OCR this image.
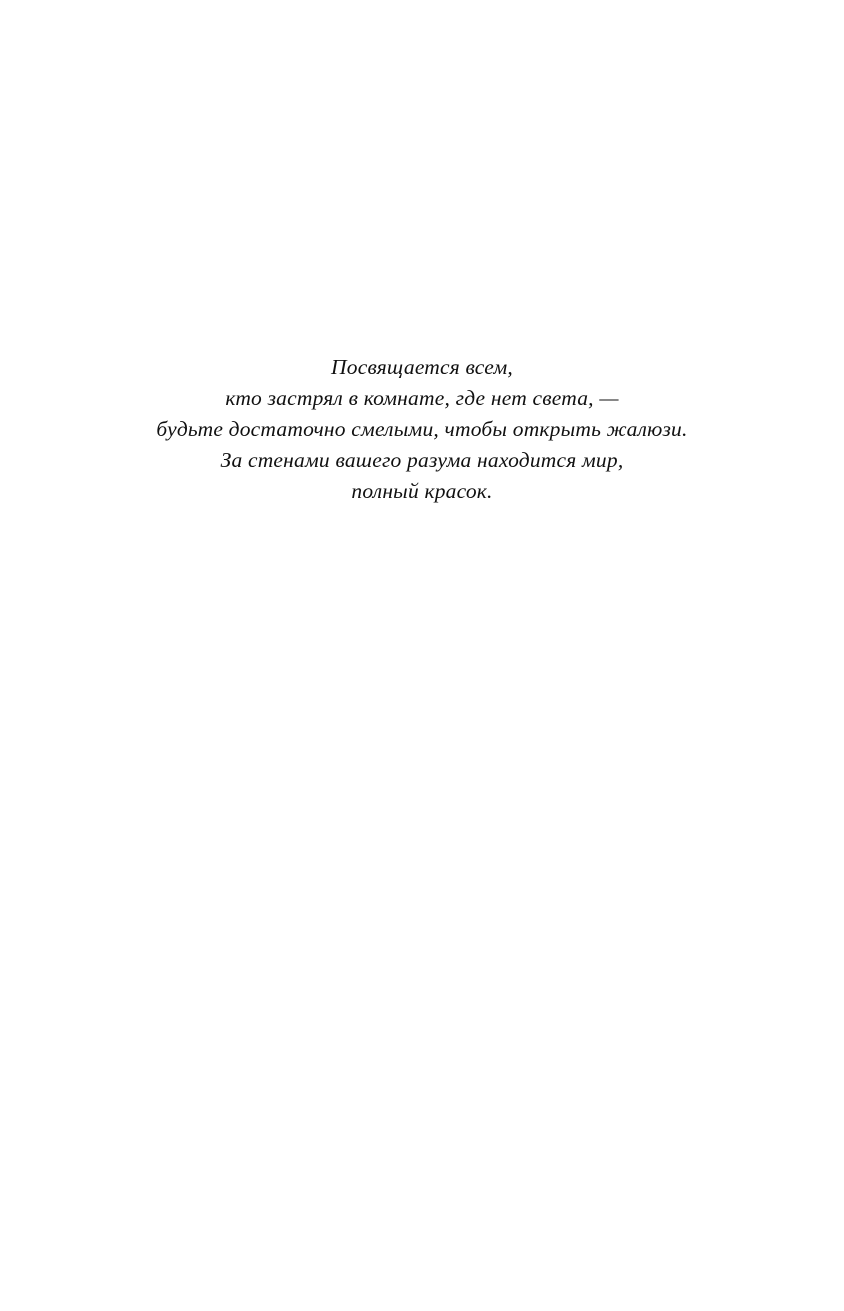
Посвящается всем,
кто застрял в комнате, где нет света, —
будьте достаточно смелыми, чтобы открыть жалюзи.
За стенами вашего разума находится мир,
полный красок.
